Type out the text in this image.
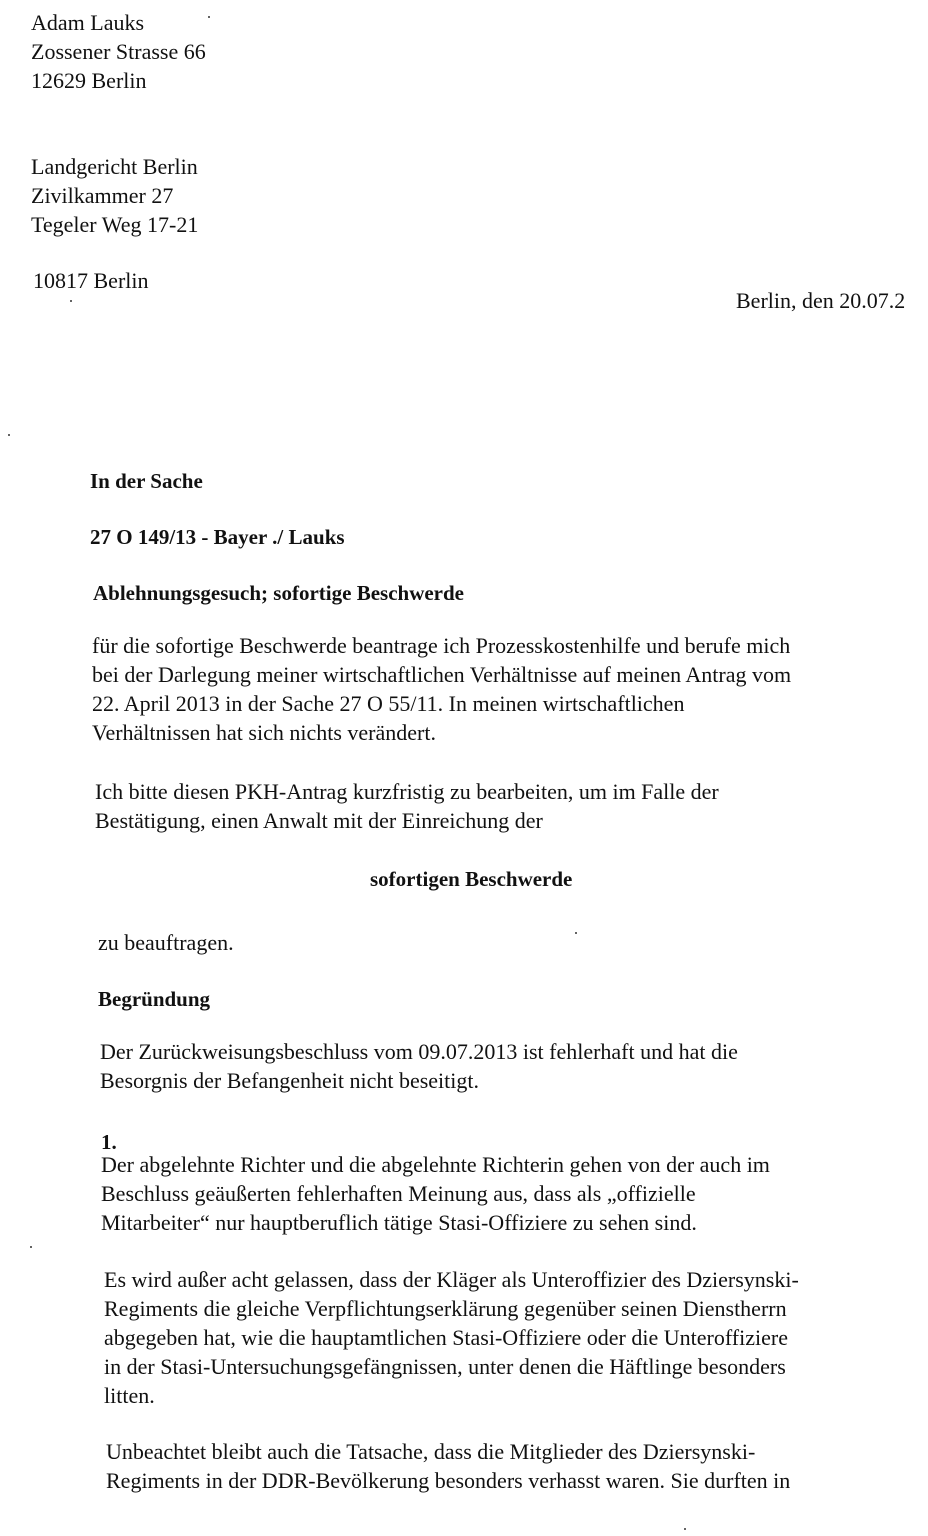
Adam Lauks
Zossener Strasse 66
12629 Berlin
Landgericht Berlin
Zivilkammer 27
Tegeler Weg 17-21
10817 Berlin
Berlin, den 20.07.2
In der Sache
27 O 149/13 - Bayer ./ Lauks
Ablehnungsgesuch; sofortige Beschwerde
für die sofortige Beschwerde beantrage ich Prozesskostenhilfe und berufe mich
bei der Darlegung meiner wirtschaftlichen Verhältnisse auf meinen Antrag vom
22. April 2013 in der Sache 27 O 55/11. In meinen wirtschaftlichen
Verhältnissen hat sich nichts verändert.
Ich bitte diesen PKH-Antrag kurzfristig zu bearbeiten, um im Falle der
Bestätigung, einen Anwalt mit der Einreichung der
sofortigen Beschwerde
zu beauftragen.
Begründung
Der Zurückweisungsbeschluss vom 09.07.2013 ist fehlerhaft und hat die
Besorgnis der Befangenheit nicht beseitigt.
1.
Der abgelehnte Richter und die abgelehnte Richterin gehen von der auch im
Beschluss geäußerten fehlerhaften Meinung aus, dass als „offizielle
Mitarbeiter“ nur hauptberuflich tätige Stasi-Offiziere zu sehen sind.
Es wird außer acht gelassen, dass der Kläger als Unteroffizier des Dziersynski-
Regiments die gleiche Verpflichtungserklärung gegenüber seinen Dienstherrn
abgegeben hat, wie die hauptamtlichen Stasi-Offiziere oder die Unteroffiziere
in der Stasi-Untersuchungsgefängnissen, unter denen die Häftlinge besonders
litten.
Unbeachtet bleibt auch die Tatsache, dass die Mitglieder des Dziersynski-
Regiments in der DDR-Bevölkerung besonders verhasst waren. Sie durften in
